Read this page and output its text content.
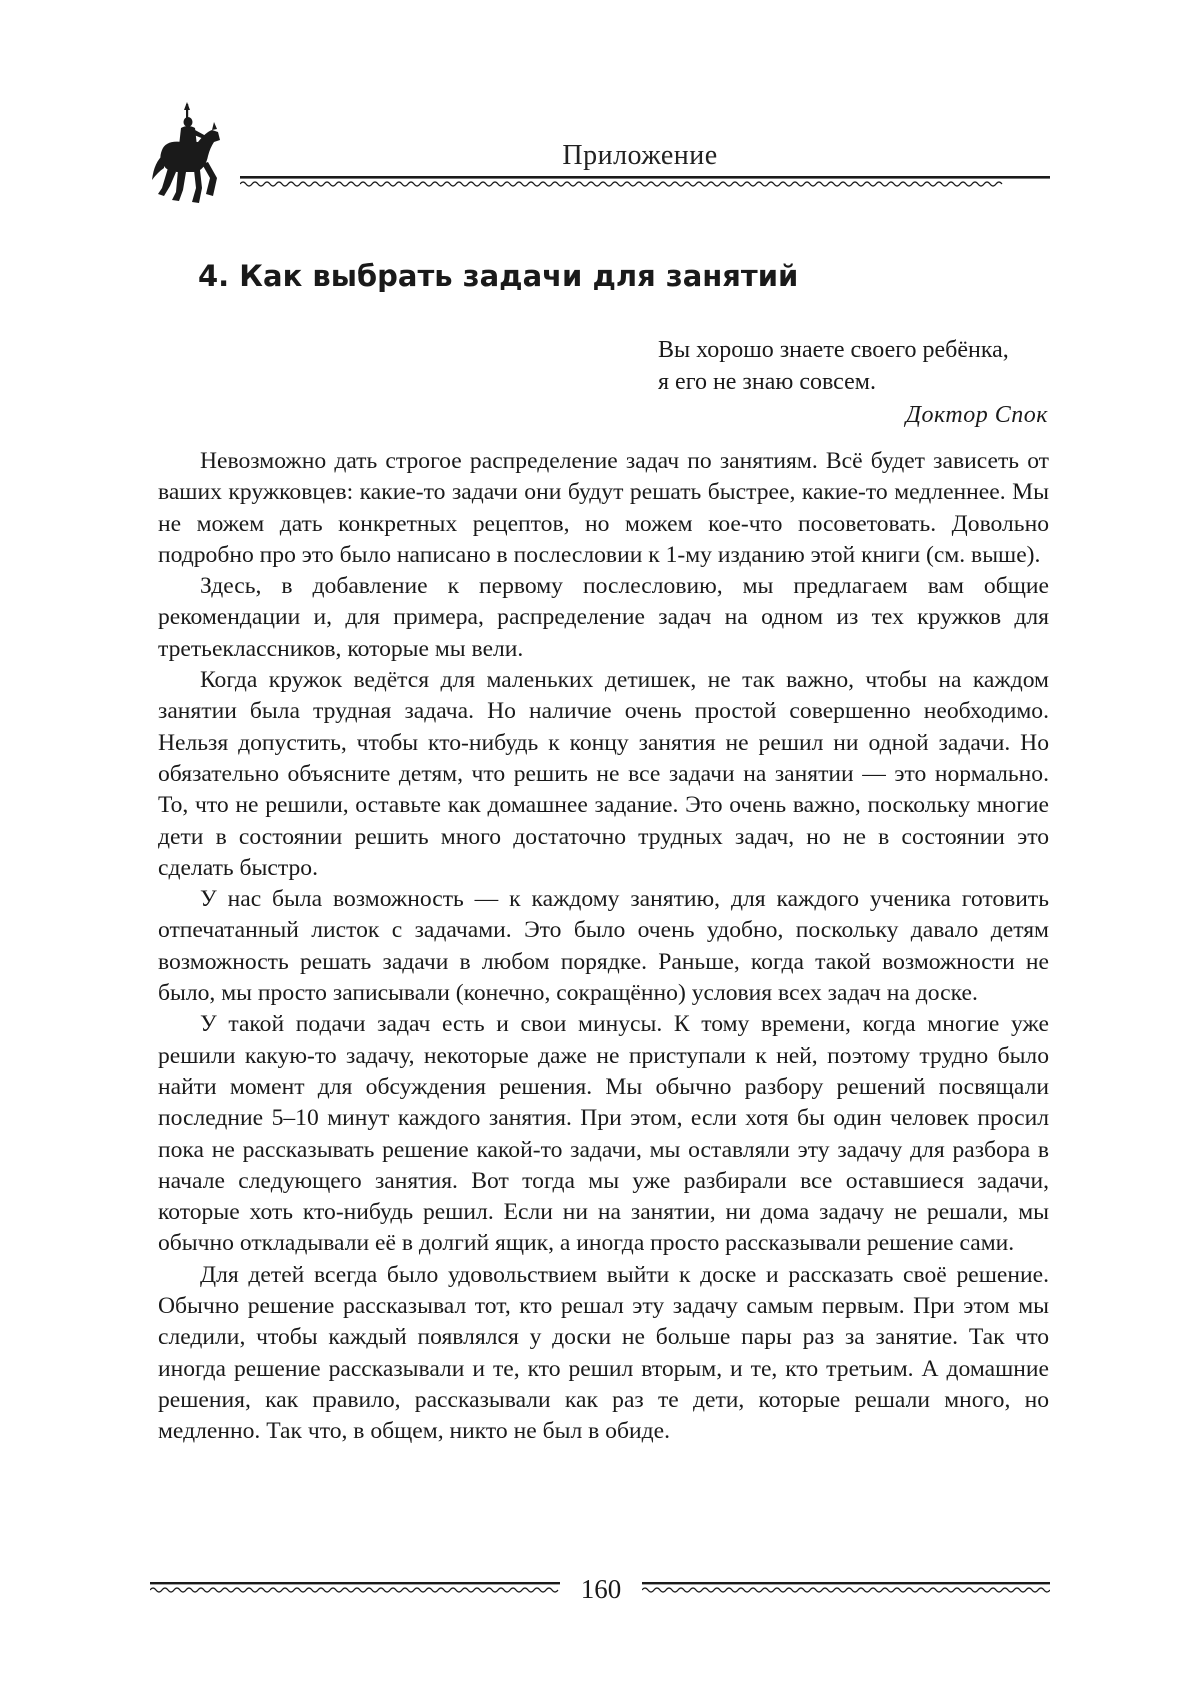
Приложение
4. Как выбрать задачи для занятий
Вы хорошо знаете своего ребёнка,
я его не знаю совсем.
Доктор Спок

Невозможно дать строгое распределение задач по занятиям. Всё будет зависеть от ваших кружковцев: какие-то задачи они будут решать быстрее, какие-то медленнее. Мы не можем дать конкретных рецептов, но можем кое-что посоветовать. Довольно подробно про это было написано в послесловии к 1-му изданию этой книги (см. выше).

Здесь, в добавление к первому послесловию, мы предлагаем вам общие рекомендации и, для примера, распределение задач на одном из тех кружков для третьеклассников, которые мы вели.

Когда кружок ведётся для маленьких детишек, не так важно, чтобы на каждом занятии была трудная задача. Но наличие очень простой совершенно необходимо. Нельзя допустить, чтобы кто-нибудь к концу занятия не решил ни одной задачи. Но обязательно объясните детям, что решить не все задачи на занятии — это нормально. То, что не решили, оставьте как домашнее задание. Это очень важно, поскольку многие дети в состоянии решить много достаточно трудных задач, но не в состоянии это сделать быстро.

У нас была возможность — к каждому занятию, для каждого ученика готовить отпечатанный листок с задачами. Это было очень удобно, поскольку давало детям возможность решать задачи в любом порядке. Раньше, когда такой возможности не было, мы просто записывали (конечно, сокращённо) условия всех задач на доске.

У такой подачи задач есть и свои минусы. К тому времени, когда многие уже решили какую-то задачу, некоторые даже не приступали к ней, поэтому трудно было найти момент для обсуждения решения. Мы обычно разбору решений посвящали последние 5–10 минут каждого занятия. При этом, если хотя бы один человек просил пока не рассказывать решение какой-то задачи, мы оставляли эту задачу для разбора в начале следующего занятия. Вот тогда мы уже разбирали все оставшиеся задачи, которые хоть кто-нибудь решил. Если ни на занятии, ни дома задачу не решали, мы обычно откладывали её в долгий ящик, а иногда просто рассказывали решение сами.

Для детей всегда было удовольствием выйти к доске и рассказать своё решение. Обычно решение рассказывал тот, кто решал эту задачу самым первым. При этом мы следили, чтобы каждый появлялся у доски не больше пары раз за занятие. Так что иногда решение рассказывали и те, кто решил вторым, и те, кто третьим. А домашние решения, как правило, рассказывали как раз те дети, которые решали много, но медленно. Так что, в общем, никто не был в обиде.

160
